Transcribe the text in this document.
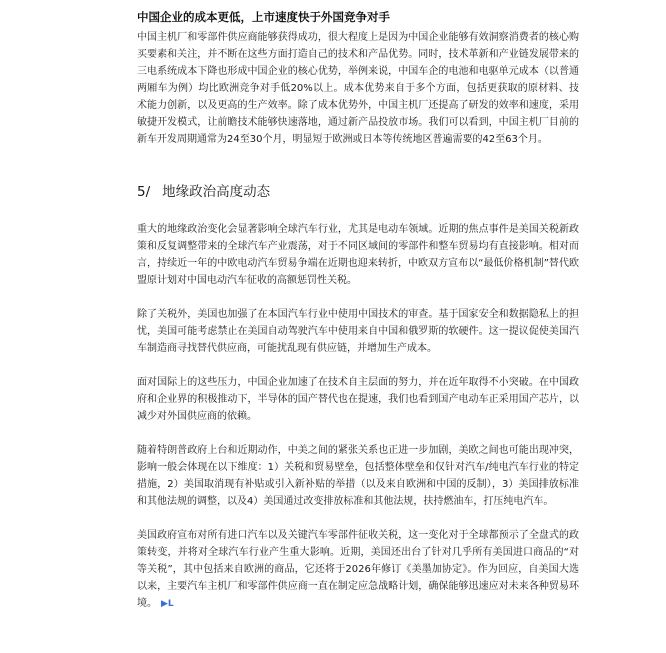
中国企业的成本更低，上市速度快于外国竞争对手

中国主机厂和零部件供应商能够获得成功，很大程度上是因为中国企业能够有效洞察消费者的核心购买要素和关注，并不断在这些方面打造自己的技术和产品优势。同时，技术革新和产业链发展带来的三电系统成本下降也形成中国企业的核心优势，举例来说，中国车企的电池和电驱单元成本（以普通两厢车为例）均比欧洲竞争对手低20%以上。成本优势来自于多个方面，包括更获取的原材料、技术能力创新，以及更高的生产效率。除了成本优势外，中国主机厂还提高了研发的效率和速度，采用敏捷开发模式，让前瞻技术能够快速落地，通过新产品投放市场。我们可以看到，中国主机厂目前的新车开发周期通常为24至30个月，明显短于欧洲或日本等传统地区普遍需要的42至63个月。

5/ 地缘政治高度动态

重大的地缘政治变化会显著影响全球汽车行业，尤其是电动车领域。近期的焦点事件是美国关税新政策和反复调整带来的全球汽车产业震荡，对于不同区域间的零部件和整车贸易均有直接影响。相对而言，持续近一年的中欧电动汽车贸易争端在近期也迎来转折，中欧双方宣布以“最低价格机制”替代欧盟原计划对中国电动汽车征收的高额惩罚性关税。

除了关税外，美国也加强了在本国汽车行业中使用中国技术的审查。基于国家安全和数据隐私上的担忧，美国可能考虑禁止在美国自动驾驶汽车中使用来自中国和俄罗斯的软硬件。这一提议促使美国汽车制造商寻找替代供应商，可能扰乱现有供应链，并增加生产成本。

面对国际上的这些压力，中国企业加速了在技术自主层面的努力，并在近年取得不小突破。在中国政府和企业界的积极推动下，半导体的国产替代也在提速，我们也看到国产电动车正采用国产芯片，以减少对外国供应商的依赖。

随着特朗普政府上台和近期动作，中美之间的紧张关系也正进一步加剧，美欧之间也可能出现冲突，影响一般会体现在以下维度：1）关税和贸易壁垒，包括整体壁垒和仅针对汽车/纯电汽车行业的特定措施，2）美国取消现有补贴或引入新补贴的举措（以及来自欧洲和中国的反制），3）美国排放标准和其他法规的调整，以及4）美国通过改变排放标准和其他法规，扶持燃油车，打压纯电汽车。

美国政府宣布对所有进口汽车以及关键汽车零部件征收关税，这一变化对于全球都预示了全盘式的政策转变，并将对全球汽车行业产生重大影响。近期，美国还出台了针对几乎所有美国进口商品的“对等关税”，其中包括来自欧洲的商品，它还将于2026年修订《美墨加协定》。作为回应，自美国大选以来，主要汽车主机厂和零部件供应商一直在制定应急战略计划，确保能够迅速应对未来各种贸易环境。 ▶L
